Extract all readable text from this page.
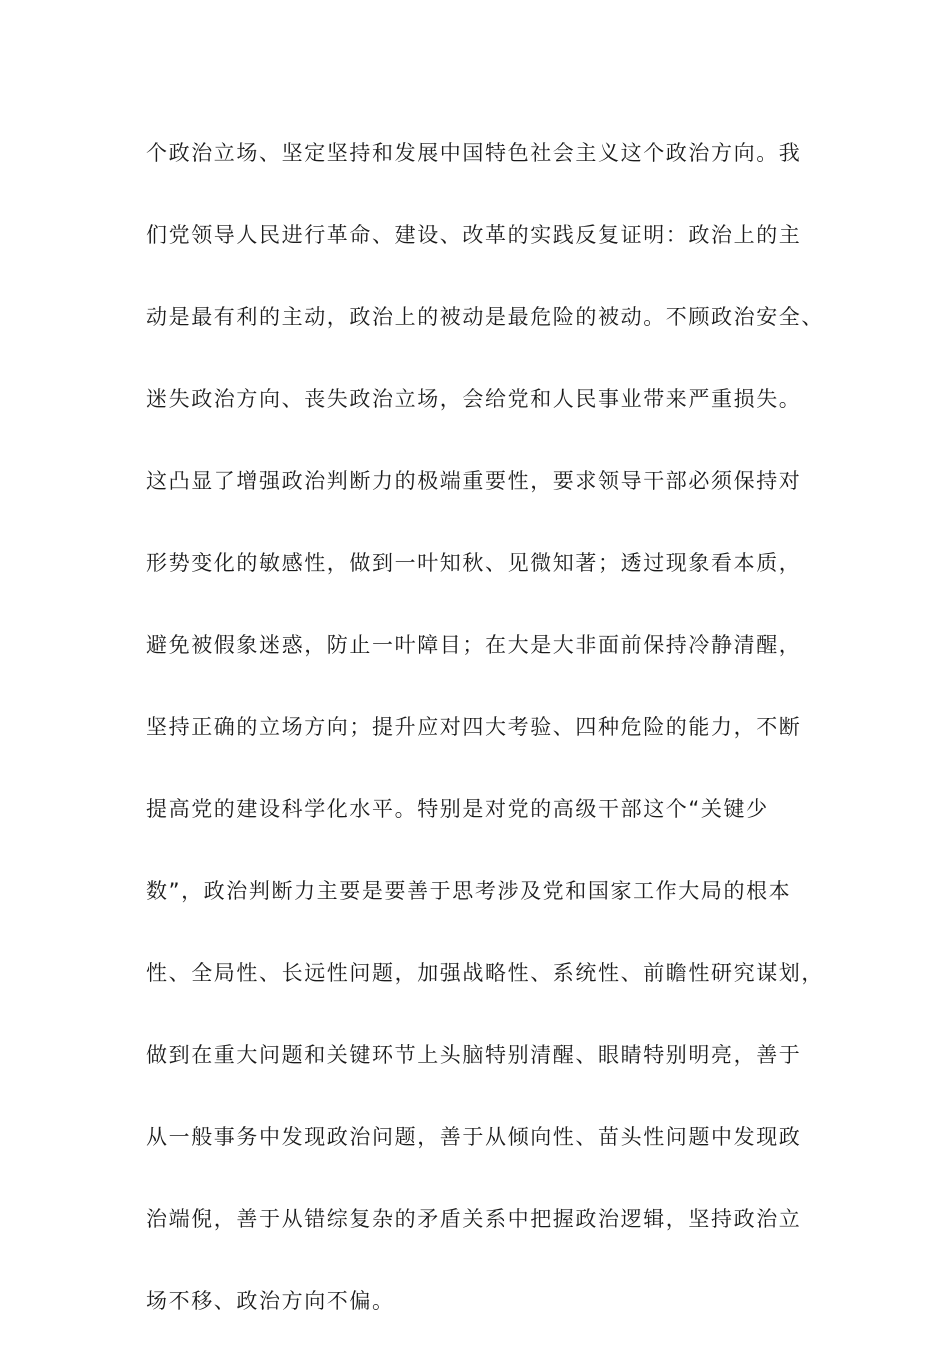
个政治立场、坚定坚持和发展中国特色社会主义这个政治方向。我
们党领导人民进行革命、建设、改革的实践反复证明：政治上的主
动是最有利的主动，政治上的被动是最危险的被动。不顾政治安全、
迷失政治方向、丧失政治立场，会给党和人民事业带来严重损失。
这凸显了增强政治判断力的极端重要性，要求领导干部必须保持对
形势变化的敏感性，做到一叶知秋、见微知著；透过现象看本质，
避免被假象迷惑，防止一叶障目；在大是大非面前保持冷静清醒，
坚持正确的立场方向；提升应对四大考验、四种危险的能力，不断
提高党的建设科学化水平。特别是对党的高级干部这个“关键少
数”，政治判断力主要是要善于思考涉及党和国家工作大局的根本
性、全局性、长远性问题，加强战略性、系统性、前瞻性研究谋划，
做到在重大问题和关键环节上头脑特别清醒、眼睛特别明亮，善于
从一般事务中发现政治问题，善于从倾向性、苗头性问题中发现政
治端倪，善于从错综复杂的矛盾关系中把握政治逻辑，坚持政治立
场不移、政治方向不偏。
